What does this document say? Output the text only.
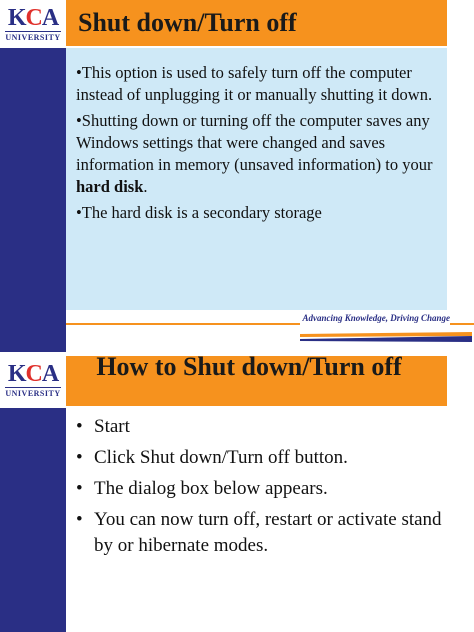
KCA
UNIVERSITY Shut down/Turn off
•This option is used to safely turn off the computer instead of unplugging it or manually shutting it down.
•Shutting down or turning off the computer saves any Windows settings that were changed and saves information in memory (unsaved information) to your hard disk.
•The hard disk is a secondary storage
Advancing Knowledge, Driving Change
KCA
UNIVERSITY
How to Shut down/Turn off
• Start
• Click Shut down/Turn off button.
• The dialog box below appears.
• You can now turn off, restart or activate stand by or hibernate modes.
